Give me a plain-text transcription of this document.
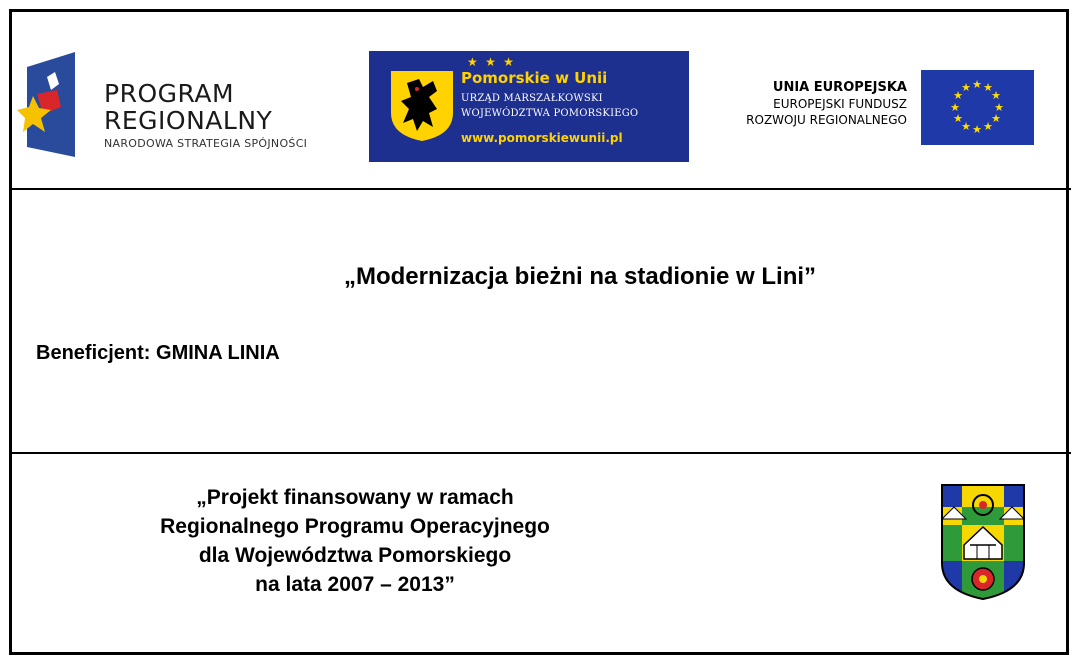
PROGRAM
REGIONALNY
NARODOWA STRATEGIA SPÓJNOŚCI
★ ★ ★
Pomorskie w Unii
URZĄD MARSZAŁKOWSKI
WOJEWÓDZTWA POMORSKIEGO
www.pomorskiewunii.pl
UNIA EUROPEJSKA
EUROPEJSKI FUNDUSZ
ROZWOJU REGIONALNEGO
★ ★
★
★
★
★
★
★
★
★
★
★
„Modernizacja bieżni na stadionie w Lini”
Beneficjent: GMINA LINIA
„Projekt finansowany w ramach
Regionalnego Programu Operacyjnego
dla Województwa Pomorskiego
na lata 2007 – 2013”
